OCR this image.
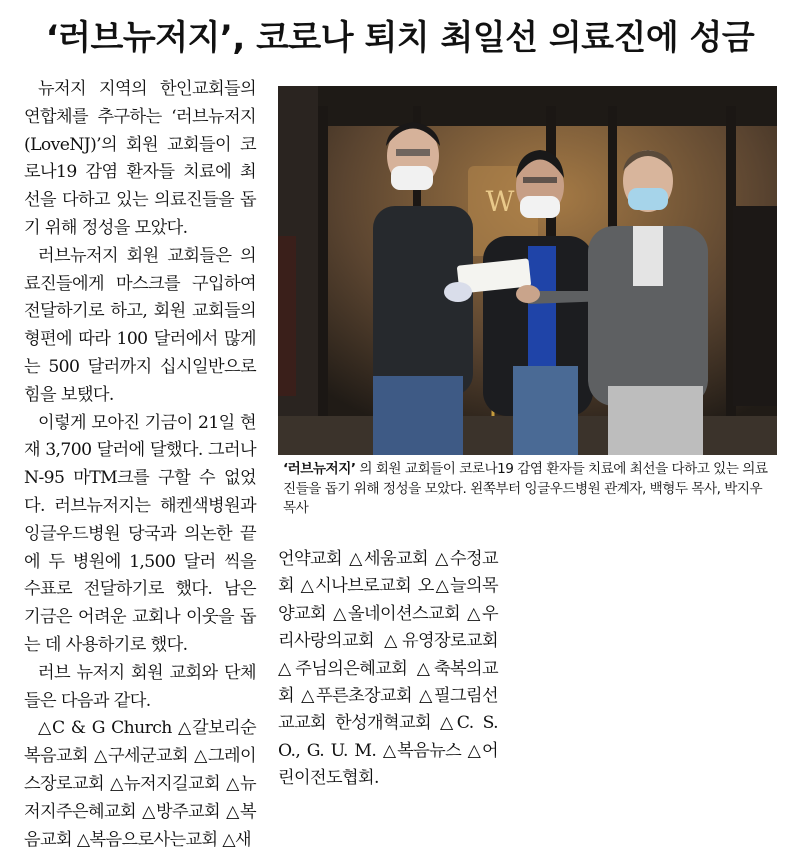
‘러브뉴저지’, 코로나 퇴치 최일선 의료진에 성금

뉴저지 지역의 한인교회들의 연합체를 추구하는 ‘러브뉴저지(LoveNJ)’의 회원 교회들이 코로나19 감염 환자들 치료에 최선을 다하고 있는 의료진들을 돕기 위해 정성을 모았다.

러브뉴저지 회원 교회들은 의료진들에게 마스크를 구입하여 전달하기로 하고, 회원 교회들의 형편에 따라 100 달러에서 많게는 500 달러까지 십시일반으로 힘을 보탰다.

이렇게 모아진 기금이 21일 현재 3,700 달러에 달했다. 그러나 N-95 마TM크를 구할 수 없었다. 러브뉴저지는 해켄색병원과 잉글우드병원 당국과 의논한 끝에 두 병원에 1,500 달러 씩을 수표로 전달하기로 했다. 남은 기금은 어려운 교회나 이웃을 돕는 데 사용하기로 했다.

러브 뉴저지 회원 교회와 단체들은 다음과 같다.

△C & G Church △갈보리순복음교회 △구세군교회 △그레이스장로교회 △뉴저지길교회 △뉴저지주은혜교회 △방주교회 △복음교회 △복음으로사는교회 △새

W
‘러브뉴저지’ 의 회원 교회들이 코로나19 감염 환자들 치료에 최선을 다하고 있는 의료진들을 돕기 위해 정성을 모았다. 왼쪽부터 잉글우드병원 관계자, 백형두 목사, 박지우 목사

언약교회 △세움교회 △수정교회 △시나브로교회 오△늘의목양교회 △올네이션스교회 △우리사랑의교회 △유영장로교회 △주님의은혜교회 △축복의교회 △푸른초장교회 △필그림선교교회 한성개혁교회 △C. S. O., G. U. M. △복음뉴스 △어린이전도협회.
